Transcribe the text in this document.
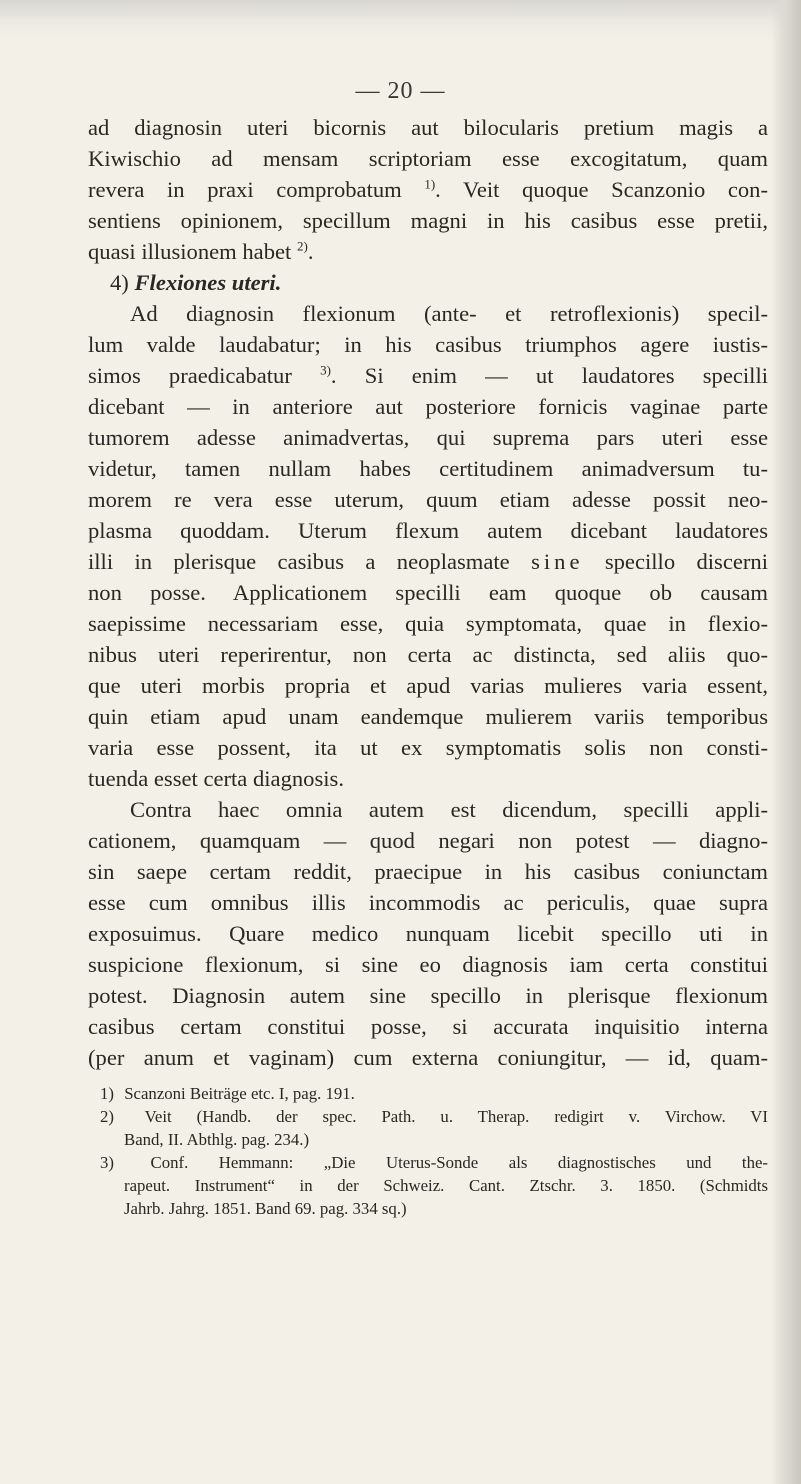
— 20 —
ad diagnosin uteri bicornis aut bilocularis pretium magis a
Kiwischio ad mensam scriptoriam esse excogitatum, quam
revera in praxi comprobatum $^{1)}$. Veit quoque Scanzonio con-
sentiens opinionem, specillum magni in his casibus esse pretii,
quasi illusionem habet $^{2)}$.
4) Flexiones uteri.
Ad diagnosin flexionum (ante- et retroflexionis) specil-
lum valde laudabatur; in his casibus triumphos agere iustis-
simos praedicabatur $^{3)}$. Si enim — ut laudatores specilli
dicebant — in anteriore aut posteriore fornicis vaginae parte
tumorem adesse animadvertas, qui suprema pars uteri esse
videtur, tamen nullam habes certitudinem animadversum tu-
morem re vera esse uterum, quum etiam adesse possit neo-
plasma quoddam. Uterum flexum autem dicebant laudatores
illi in plerisque casibus a neoplasmate sine specillo discerni
non posse. Applicationem specilli eam quoque ob causam
saepissime necessariam esse, quia symptomata, quae in flexio-
nibus uteri reperirentur, non certa ac distincta, sed aliis quo-
que uteri morbis propria et apud varias mulieres varia essent,
quin etiam apud unam eandemque mulierem variis temporibus
varia esse possent, ita ut ex symptomatis solis non consti-
tuenda esset certa diagnosis.
Contra haec omnia autem est dicendum, specilli appli-
cationem, quamquam — quod negari non potest — diagno-
sin saepe certam reddit, praecipue in his casibus coniunctam
esse cum omnibus illis incommodis ac periculis, quae supra
exposuimus. Quare medico nunquam licebit specillo uti in
suspicione flexionum, si sine eo diagnosis iam certa constitui
potest. Diagnosin autem sine specillo in plerisque flexionum
casibus certam constitui posse, si accurata inquisitio interna
(per anum et vaginam) cum externa coniungitur, — id, quam-
1) Scanzoni Beiträge etc. I, pag. 191.
2) Veit (Handb. der spec. Path. u. Therap. redigirt v. Virchow. VI
Band, II. Abthlg. pag. 234.)
3) Conf. Hemmann: „Die Uterus-Sonde als diagnostisches und the-
rapeut. Instrument“ in der Schweiz. Cant. Ztschr. 3. 1850. (Schmidts
Jahrb. Jahrg. 1851. Band 69. pag. 334 sq.)
